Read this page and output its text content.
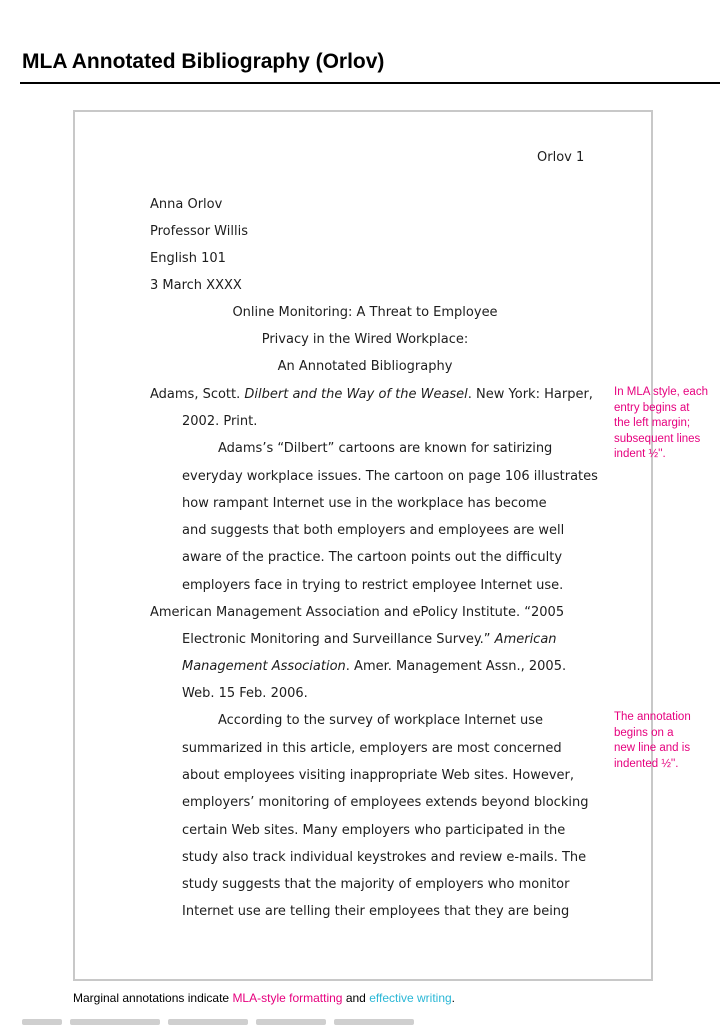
MLA Annotated Bibliography (Orlov)
Orlov 1
Anna Orlov
Professor Willis
English 101
3 March XXXX
Online Monitoring: A Threat to Employee
Privacy in the Wired Workplace:
An Annotated Bibliography
Adams, Scott. Dilbert and the Way of the Weasel. New York: Harper,
2002. Print.
Adams’s “Dilbert” cartoons are known for satirizing
everyday workplace issues. The cartoon on page 106 illustrates
how rampant Internet use in the workplace has become
and suggests that both employers and employees are well
aware of the practice. The cartoon points out the difficulty
employers face in trying to restrict employee Internet use.
American Management Association and ePolicy Institute. “2005
Electronic Monitoring and Surveillance Survey.” American
Management Association. Amer. Management Assn., 2005.
Web. 15 Feb. 2006.
According to the survey of workplace Internet use
summarized in this article, employers are most concerned
about employees visiting inappropriate Web sites. However,
employers’ monitoring of employees extends beyond blocking
certain Web sites. Many employers who participated in the
study also track individual keystrokes and review e-mails. The
study suggests that the majority of employers who monitor
Internet use are telling their employees that they are being
In MLA style, each
entry begins at
the left margin;
subsequent lines
indent ½''.
The annotation
begins on a
new line and is
indented ½''.
Marginal annotations indicate MLA-style formatting and effective writing.
